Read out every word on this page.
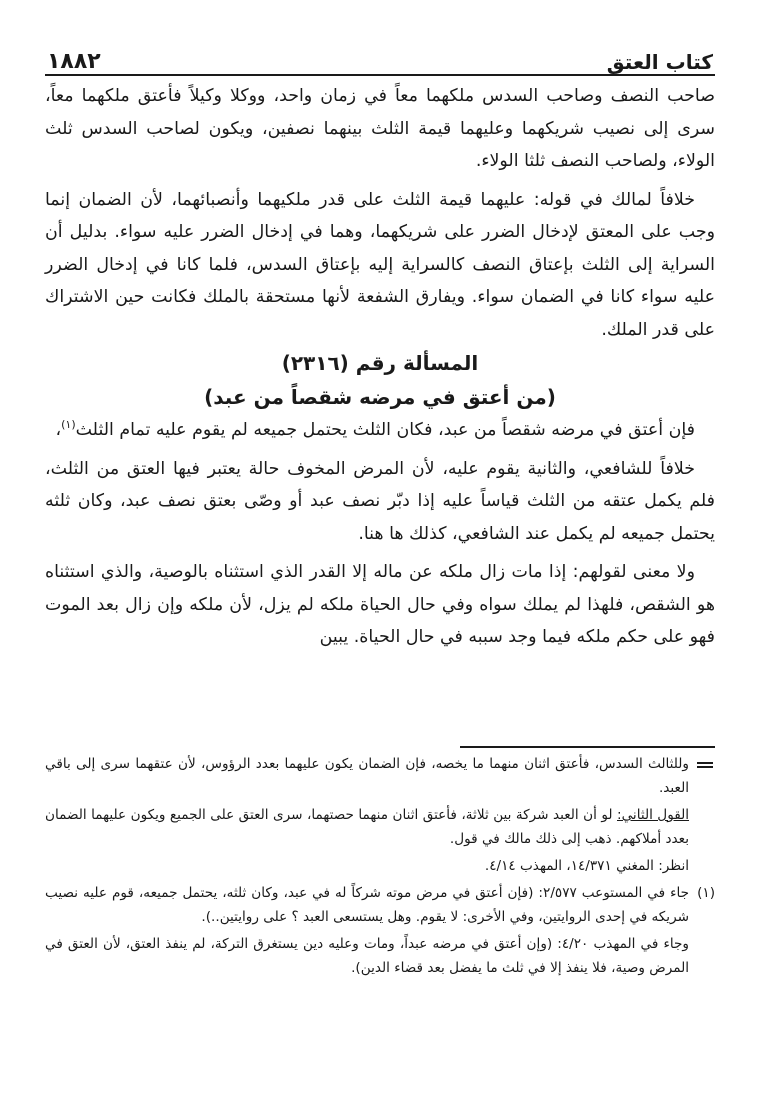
كتاب العتق
١٨٨٢

صاحب النصف وصاحب السدس ملكهما معاً في زمان واحد، ووكلا وكيلاً فأعتق ملكهما معاً، سرى إلى نصيب شريكهما وعليهما قيمة الثلث بينهما نصفين، ويكون لصاحب السدس ثلث الولاء، ولصاحب النصف ثلثا الولاء.

خلافاً لمالك في قوله: عليهما قيمة الثلث على قدر ملكيهما وأنصبائهما، لأن الضمان إنما وجب على المعتق لإدخال الضرر على شريكهما، وهما في إدخال الضرر عليه سواء. بدليل أن السراية إلى الثلث بإعتاق النصف كالسراية إليه بإعتاق السدس، فلما كانا في إدخال الضرر عليه سواء كانا في الضمان سواء. ويفارق الشفعة لأنها مستحقة بالملك فكانت حين الاشتراك على قدر الملك.

المسألة رقم (٢٣١٦)
(من أعتق في مرضه شقصاً من عبد)

فإن أعتق في مرضه شقصاً من عبد، فكان الثلث يحتمل جميعه لم يقوم عليه تمام الثلث$^{(١)}$،

خلافاً للشافعي، والثانية يقوم عليه، لأن المرض المخوف حالة يعتبر فيها العتق من الثلث، فلم يكمل عتقه من الثلث قياساً عليه إذا دبّر نصف عبد أو وصّى بعتق نصف عبد، وكان ثلثه يحتمل جميعه لم يكمل عند الشافعي، كذلك ها هنا.

ولا معنى لقولهم: إذا مات زال ملكه عن ماله إلا القدر الذي استثناه بالوصية، والذي استثناه هو الشقص، فلهذا لم يملك سواه وفي حال الحياة ملكه لم يزل، لأن ملكه وإن زال بعد الموت فهو على حكم ملكه فيما وجد سببه في حال الحياة. يبين

وللثالث السدس، فأعتق اثنان منهما ما يخصه، فإن الضمان يكون عليهما بعدد الرؤوس، لأن عتقهما سرى إلى باقي العبد.
القول الثاني: لو أن العبد شركة بين ثلاثة، فأعتق اثنان منهما حصتهما، سرى العتق على الجميع ويكون عليهما الضمان بعدد أملاكهم. ذهب إلى ذلك مالك في قول.
انظر: المغني ١٤/٣٧١، المهذب ٤/١٤.
(١)
جاء في المستوعب ٢/٥٧٧: (فإن أعتق في مرض موته شركاً له في عبد، وكان ثلثه، يحتمل جميعه، قوم عليه نصيب شريكه في إحدى الروايتين، وفي الأخرى: لا يقوم. وهل يستسعى العبد ؟ على روايتين..).
وجاء في المهذب ٤/٢٠: (وإن أعتق في مرضه عبداً، ومات وعليه دين يستغرق التركة، لم ينفذ العتق، لأن العتق في المرض وصية، فلا ينفذ إلا في ثلث ما يفضل بعد قضاء الدين).
